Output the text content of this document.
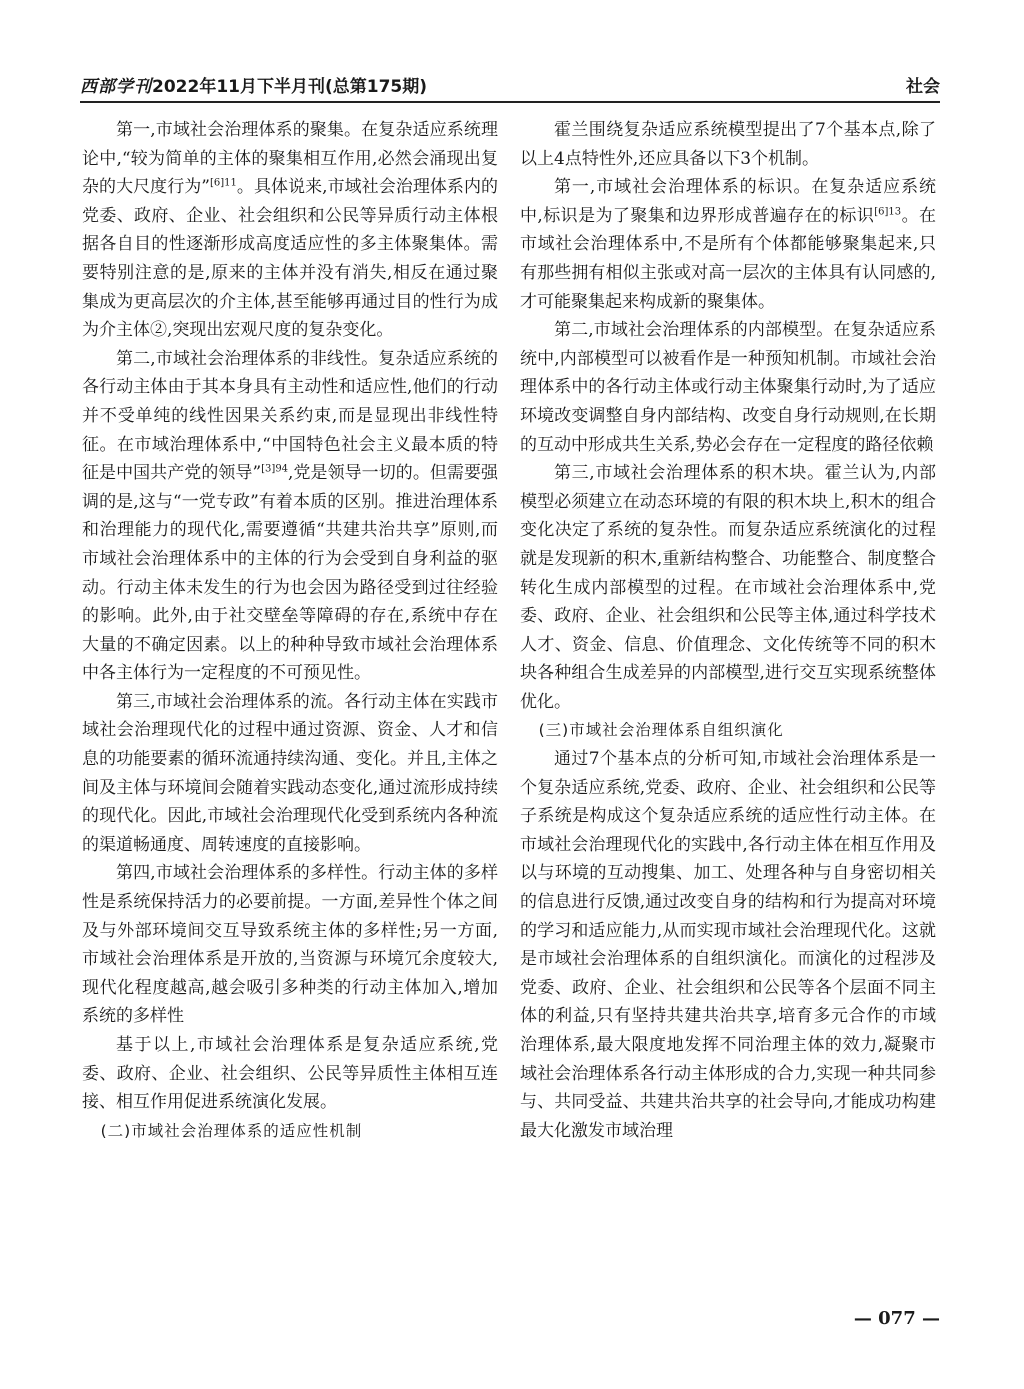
西部学刊2022年11月下半月刊(总第175期)	社会

第一,市域社会治理体系的聚集。在复杂适应系统理论中,“较为简单的主体的聚集相互作用,必然会涌现出复杂的大尺度行为”$^{[6]11}$。具体说来,市域社会治理体系内的党委、政府、企业、社会组织和公民等异质行动主体根据各自目的性逐渐形成高度适应性的多主体聚集体。需要特别注意的是,原来的主体并没有消失,相反在通过聚集成为更高层次的介主体,甚至能够再通过目的性行为成为介主体②,突现出宏观尺度的复杂变化。

第二,市域社会治理体系的非线性。复杂适应系统的各行动主体由于其本身具有主动性和适应性,他们的行动并不受单纯的线性因果关系约束,而是显现出非线性特征。在市域治理体系中,“中国特色社会主义最本质的特征是中国共产党的领导”$^{[3]94}$,党是领导一切的。但需要强调的是,这与“一党专政”有着本质的区别。推进治理体系和治理能力的现代化,需要遵循“共建共治共享”原则,而市域社会治理体系中的主体的行为会受到自身利益的驱动。行动主体未发生的行为也会因为路径受到过往经验的影响。此外,由于社交壁垒等障碍的存在,系统中存在大量的不确定因素。以上的种种导致市域社会治理体系中各主体行为一定程度的不可预见性。

第三,市域社会治理体系的流。各行动主体在实践市域社会治理现代化的过程中通过资源、资金、人才和信息的功能要素的循环流通持续沟通、变化。并且,主体之间及主体与环境间会随着实践动态变化,通过流形成持续的现代化。因此,市域社会治理现代化受到系统内各种流的渠道畅通度、周转速度的直接影响。

第四,市域社会治理体系的多样性。行动主体的多样性是系统保持活力的必要前提。一方面,差异性个体之间及与外部环境间交互导致系统主体的多样性;另一方面,市域社会治理体系是开放的,当资源与环境冗余度较大,现代化程度越高,越会吸引多种类的行动主体加入,增加系统的多样性

基于以上,市域社会治理体系是复杂适应系统,党委、政府、企业、社会组织、公民等异质性主体相互连接、相互作用促进系统演化发展。

(二)市域社会治理体系的适应性机制

霍兰围绕复杂适应系统模型提出了7个基本点,除了以上4点特性外,还应具备以下3个机制。

第一,市域社会治理体系的标识。在复杂适应系统中,标识是为了聚集和边界形成普遍存在的标识$^{[6]13}$。在市域社会治理体系中,不是所有个体都能够聚集起来,只有那些拥有相似主张或对高一层次的主体具有认同感的,才可能聚集起来构成新的聚集体。

第二,市域社会治理体系的内部模型。在复杂适应系统中,内部模型可以被看作是一种预知机制。市域社会治理体系中的各行动主体或行动主体聚集行动时,为了适应环境改变调整自身内部结构、改变自身行动规则,在长期的互动中形成共生关系,势必会存在一定程度的路径依赖

第三,市域社会治理体系的积木块。霍兰认为,内部模型必须建立在动态环境的有限的积木块上,积木的组合变化决定了系统的复杂性。而复杂适应系统演化的过程就是发现新的积木,重新结构整合、功能整合、制度整合转化生成内部模型的过程。在市域社会治理体系中,党委、政府、企业、社会组织和公民等主体,通过科学技术人才、资金、信息、价值理念、文化传统等不同的积木块各种组合生成差异的内部模型,进行交互实现系统整体优化。

(三)市域社会治理体系自组织演化

通过7个基本点的分析可知,市域社会治理体系是一个复杂适应系统,党委、政府、企业、社会组织和公民等子系统是构成这个复杂适应系统的适应性行动主体。在市域社会治理现代化的实践中,各行动主体在相互作用及以与环境的互动搜集、加工、处理各种与自身密切相关的信息进行反馈,通过改变自身的结构和行为提高对环境的学习和适应能力,从而实现市域社会治理现代化。这就是市域社会治理体系的自组织演化。而演化的过程涉及党委、政府、企业、社会组织和公民等各个层面不同主体的利益,只有坚持共建共治共享,培育多元合作的市域治理体系,最大限度地发挥不同治理主体的效力,凝聚市域社会治理体系各行动主体形成的合力,实现一种共同参与、共同受益、共建共治共享的社会导向,才能成功构建最大化激发市域治理

— 077 —
